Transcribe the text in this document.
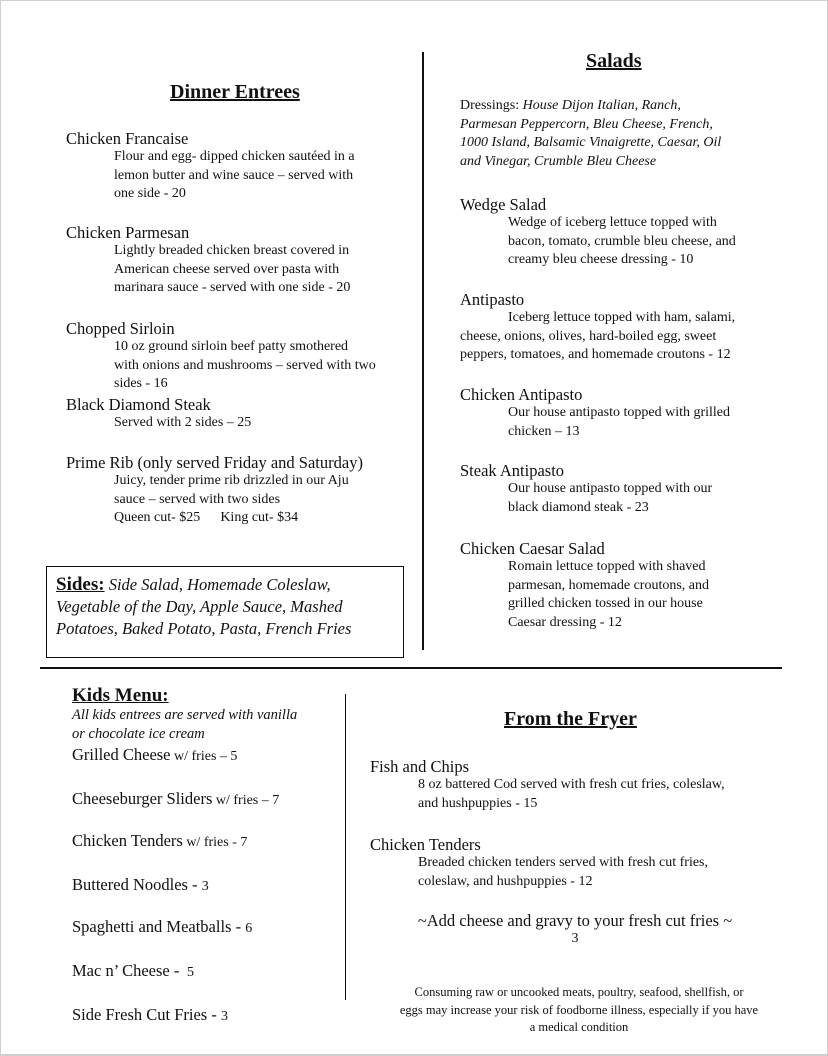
Dinner Entrees
Chicken Francaise
Flour and egg- dipped chicken sautéed in a
lemon butter and wine sauce – served with
one side - 20
Chicken Parmesan
Lightly breaded chicken breast covered in
American cheese served over pasta with
marinara sauce - served with one side - 20
Chopped Sirloin
10 oz ground sirloin beef patty smothered
with onions and mushrooms – served with two
sides - 16
Black Diamond Steak
Served with 2 sides – 25
Prime Rib (only served Friday and Saturday)
Juicy, tender prime rib drizzled in our Aju
sauce – served with two sides
Queen cut- $25 King cut- $34
Sides: Side Salad, Homemade Coleslaw,
Vegetable of the Day, Apple Sauce, Mashed
Potatoes, Baked Potato, Pasta, French Fries
Salads
Dressings: House Dijon Italian, Ranch,
Parmesan Peppercorn, Bleu Cheese, French,
1000 Island, Balsamic Vinaigrette, Caesar, Oil
and Vinegar, Crumble Bleu Cheese
Wedge Salad
Wedge of iceberg lettuce topped with
bacon, tomato, crumble bleu cheese, and
creamy bleu cheese dressing - 10
Antipasto
Iceberg lettuce topped with ham, salami,
cheese, onions, olives, hard-boiled egg, sweet
peppers, tomatoes, and homemade croutons - 12
Chicken Antipasto
Our house antipasto topped with grilled
chicken – 13
Steak Antipasto
Our house antipasto topped with our
black diamond steak - 23
Chicken Caesar Salad
Romain lettuce topped with shaved
parmesan, homemade croutons, and
grilled chicken tossed in our house
Caesar dressing - 12
Kids Menu:
All kids entrees are served with vanilla
or chocolate ice cream
Grilled Cheese w/ fries – 5
Cheeseburger Sliders w/ fries – 7
Chicken Tenders w/ fries - 7
Buttered Noodles - 3
Spaghetti and Meatballs - 6
Mac n’ Cheese -  5
Side Fresh Cut Fries - 3
From the Fryer
Fish and Chips
8 oz battered Cod served with fresh cut fries, coleslaw,
and hushpuppies - 15
Chicken Tenders
Breaded chicken tenders served with fresh cut fries,
coleslaw, and hushpuppies - 12
~Add cheese and gravy to your fresh cut fries ~
3
Consuming raw or uncooked meats, poultry, seafood, shellfish, or
eggs may increase your risk of foodborne illness, especially if you have
a medical condition
